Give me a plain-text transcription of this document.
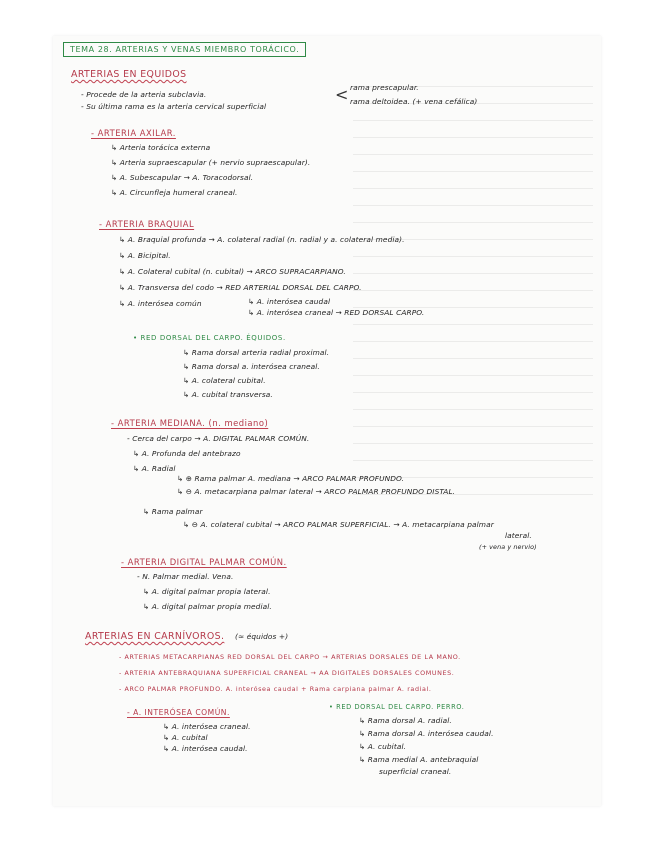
TEMA 28. ARTERIAS Y VENAS MIEMBRO TORÁCICO.
ARTERIAS EN EQUIDOS
- Procede de la arteria subclavia.
- Su última rama es la arteria cervical superficial
< rama prescapular.
rama deltoidea. (+ vena cefálica)
- ARTERIA AXILAR.
↳ Arteria torácica externa
↳ Arteria supraescapular (+ nervio supraescapular).
↳ A. Subescapular → A. Toracodorsal.
↳ A. Circunfleja humeral craneal.
- ARTERIA BRAQUIAL
↳ A. Braquial profunda → A. colateral radial (n. radial y a. colateral media).
↳ A. Bicipital.
↳ A. Colateral cubital (n. cubital) → ARCO SUPRACARPIANO.
↳ A. Transversa del codo → RED ARTERIAL DORSAL DEL CARPO.
↳ A. interósea común	↳ A. interósea caudal
↳ A. interósea craneal → RED DORSAL CARPO.
• RED DORSAL DEL CARPO. ÉQUIDOS.
↳ Rama dorsal arteria radial proximal.
↳ Rama dorsal a. interósea craneal.
↳ A. colateral cubital.
↳ A. cubital transversa.
- ARTERIA MEDIANA. (n. mediano)
- Cerca del carpo → A. DIGITAL PALMAR COMÚN.
↳ A. Profunda del antebrazo
↳ A. Radial
↳ ⊕ Rama palmar A. mediana → ARCO PALMAR PROFUNDO.
↳ ⊖ A. metacarpiana palmar lateral → ARCO PALMAR PROFUNDO DISTAL.
↳ Rama palmar
↳ ⊖ A. colateral cubital → ARCO PALMAR SUPERFICIAL. → A. metacarpiana palmar
lateral.
(+ vena y nervio)
- ARTERIA DIGITAL PALMAR COMÚN.
- N. Palmar medial. Vena.
↳ A. digital palmar propia lateral.
↳ A. digital palmar propia medial.
ARTERIAS EN CARNÍVOROS. (≈ équidos +)
- ARTERIAS METACARPIANAS RED DORSAL DEL CARPO → ARTERIAS DORSALES DE LA MANO.
- ARTERIA ANTEBRAQUIANA SUPERFICIAL CRANEAL → AA DIGITALES DORSALES COMUNES.
- ARCO PALMAR PROFUNDO. A. interósea caudal + Rama carpiana palmar A. radial.
- A. INTERÓSEA COMÚN.
↳ A. interósea craneal.
↳ A. cubital
↳ A. interósea caudal.
• RED DORSAL DEL CARPO. PERRO.
↳ Rama dorsal A. radial.
↳ Rama dorsal A. interósea caudal.
↳ A. cubital.
↳ Rama medial A. antebraquial
superficial craneal.
